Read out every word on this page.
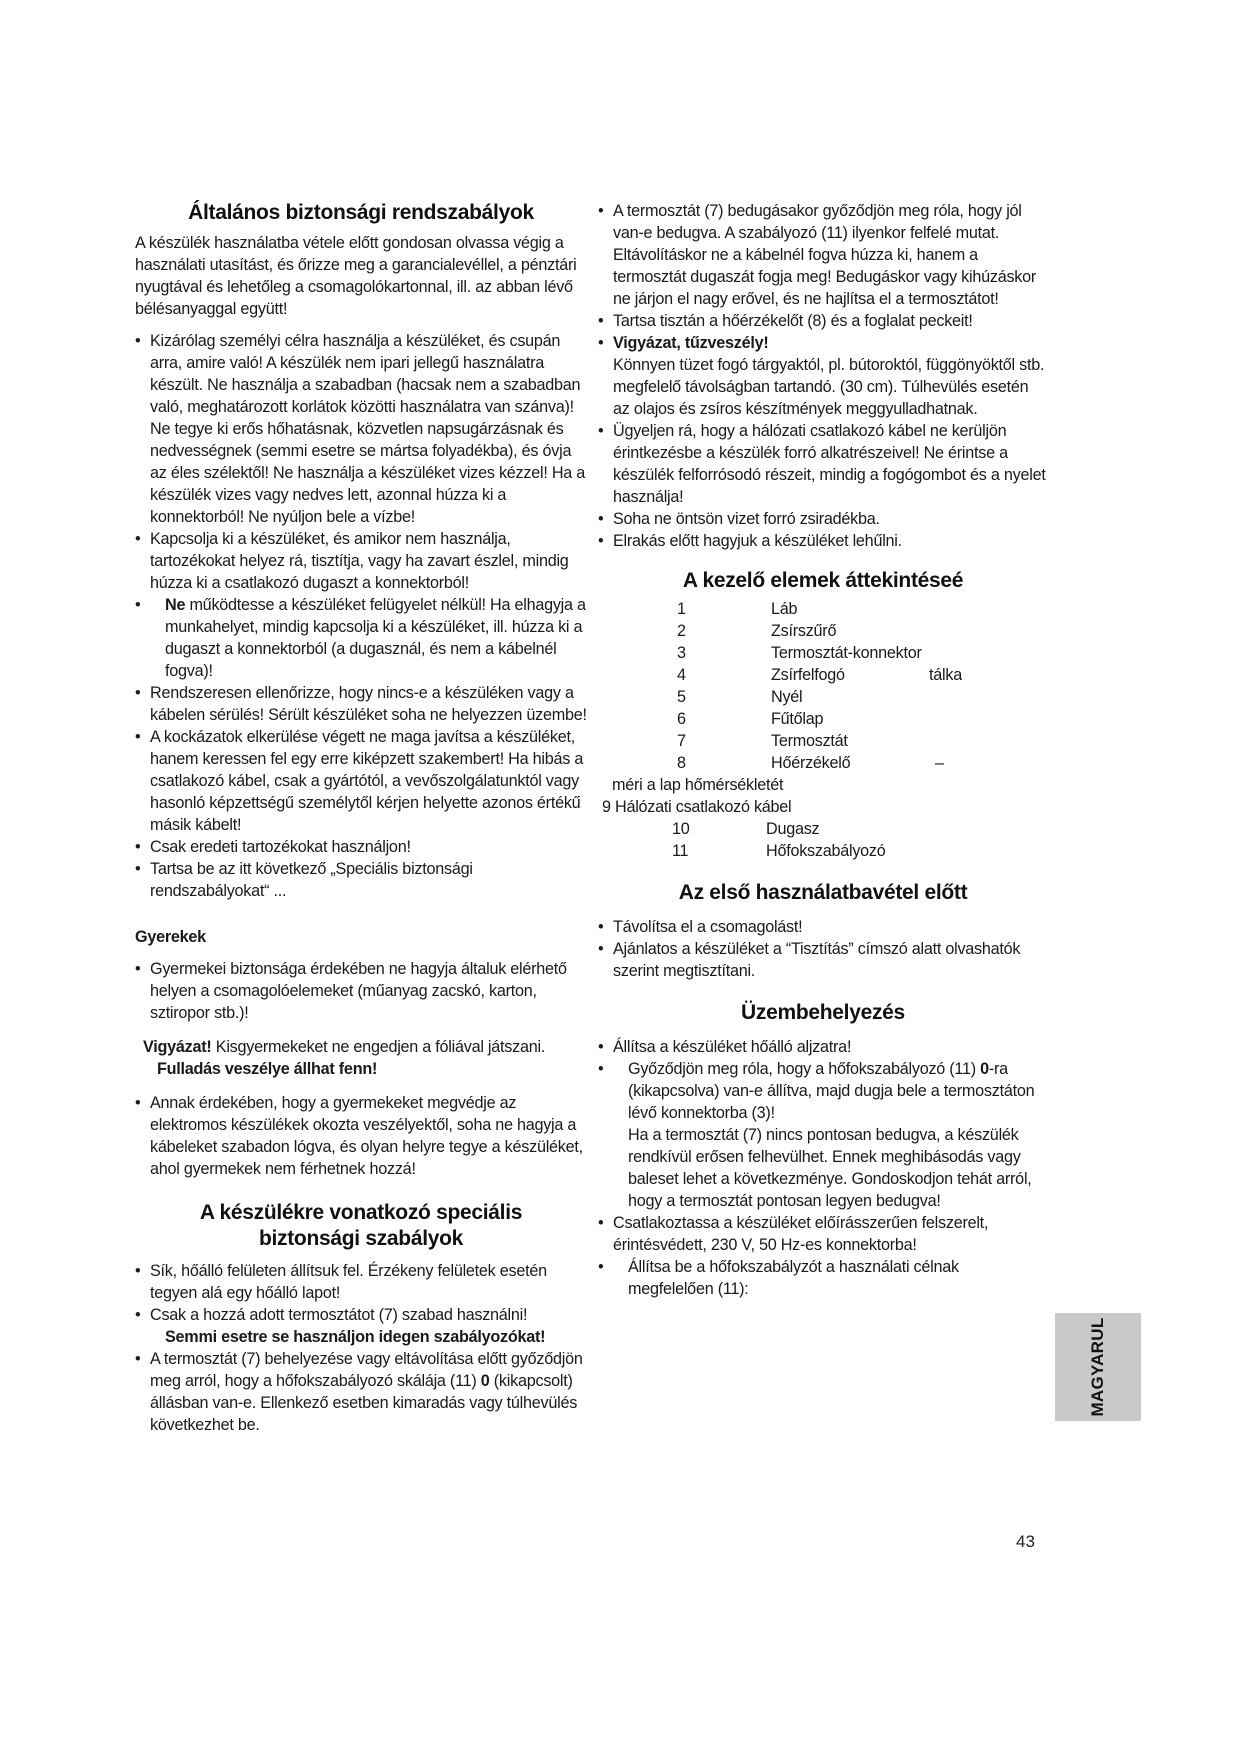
Általános biztonsági rendszabályok

A készülék használatba vétele előtt gondosan olvassa végig a használati utasítást, és őrizze meg a garancialevéllel, a pénztári nyugtával és lehetőleg a csomagolókartonnal, ill. az abban lévő bélésanyaggal együtt!

• Kizárólag személyi célra használja a készüléket, és csupán arra, amire való! A készülék nem ipari jellegű használatra készült. Ne használja a szabadban (hacsak nem a szabadban való, meghatározott korlátok közötti használatra van szánva)! Ne tegye ki erős hőhatásnak, közvetlen napsugárzásnak és nedvességnek (semmi esetre se mártsa folyadékba), és óvja az éles szélektől! Ne használja a készüléket vizes kézzel! Ha a készülék vizes vagy nedves lett, azonnal húzza ki a konnektorból! Ne nyúljon bele a vízbe!
• Kapcsolja ki a készüléket, és amikor nem használja, tartozékokat helyez rá, tisztítja, vagy ha zavart észlel, mindig húzza ki a csatlakozó dugaszt a konnektorból!
• Ne működtesse a készüléket felügyelet nélkül! Ha elhagyja a munkahelyet, mindig kapcsolja ki a készüléket, ill. húzza ki a dugaszt a konnektorból (a dugasznál, és nem a kábelnél fogva)!
• Rendszeresen ellenőrizze, hogy nincs-e a készüléken vagy a kábelen sérülés! Sérült készüléket soha ne helyezzen üzembe!
• A kockázatok elkerülése végett ne maga javítsa a készüléket, hanem keressen fel egy erre kiképzett szakembert! Ha hibás a csatlakozó kábel, csak a gyártótól, a vevőszolgálatunktól vagy hasonló képzettségű személytől kérjen helyette azonos értékű másik kábelt!
• Csak eredeti tartozékokat használjon!
• Tartsa be az itt következő „Speciális biztonsági rendszabályokat“ ...
Gyerekek
• Gyermekei biztonsága érdekében ne hagyja általuk elérhető helyen a csomagolóelemeket (műanyag zacskó, karton, sztiropor stb.)!

Vigyázat! Kisgyermekeket ne engedjen a fóliával játszani.

Fulladás veszélye állhat fenn!

• Annak érdekében, hogy a gyermekeket megvédje az elektromos készülékek okozta veszélyektől, soha ne hagyja a kábeleket szabadon lógva, és olyan helyre tegye a készüléket, ahol gyermekek nem férhetnek hozzá!
A készülékre vonatkozó speciális
biztonsági szabályok
• Sík, hőálló felületen állítsuk fel. Érzékeny felületek esetén tegyen alá egy hőálló lapot!
• Csak a hozzá adott termosztátot (7) szabad használni!
Semmi esetre se használjon idegen szabályozókat!
• A termosztát (7) behelyezése vagy eltávolítása előtt győződjön meg arról, hogy a hőfokszabályozó skálája (11) 0 (kikapcsolt) állásban van-e. Ellenkező esetben kimaradás vagy túlhevülés következhet be.
• A termosztát (7) bedugásakor győződjön meg róla, hogy jól van-e bedugva. A szabályozó (11) ilyenkor felfelé mutat. Eltávolításkor ne a kábelnél fogva húzza ki, hanem a termosztát dugaszát fogja meg! Bedugáskor vagy kihúzáskor ne járjon el nagy erővel, és ne hajlítsa el a termosztátot!
• Tartsa tisztán a hőérzékelőt (8) és a foglalat peckeit!
• Vigyázat, tűzveszély!
Könnyen tüzet fogó tárgyaktól, pl. bútoroktól, függönyöktől stb. megfelelő távolságban tartandó. (30 cm). Túlhevülés esetén az olajos és zsíros készítmények meggyulladhatnak.
• Ügyeljen rá, hogy a hálózati csatlakozó kábel ne kerüljön érintkezésbe a készülék forró alkatrészeivel! Ne érintse a készülék felforrósodó részeit, mindig a fogógombot és a nyelet használja!
• Soha ne öntsön vizet forró zsiradékba.
• Elrakás előtt hagyjuk a készüléket lehűlni.
A kezelő elemek áttekintéseé
1	Láb
2	Zsírszűrő
3	Termosztát-konnektor
4	Zsírfelfogó	tálka
5	Nyél
6	Fűtőlap
7	Termosztát
8	Hőérzékelő	–
méri a lap hőmérsékletét
9 Hálózati csatlakozó kábel
10	Dugasz
11	Hőfokszabályozó
Az első használatbavétel előtt
• Távolítsa el a csomagolást!
• Ajánlatos a készüléket a “Tisztítás” címszó alatt olvashatók szerint megtisztítani.
Üzembehelyezés
• Állítsa a készüléket hőálló aljzatra!
• Győződjön meg róla, hogy a hőfokszabályozó (11) 0-ra (kikapcsolva) van-e állítva, majd dugja bele a termosztáton lévő konnektorba (3)!
Ha a termosztát (7) nincs pontosan bedugva, a készülék rendkívül erősen felhevülhet. Ennek meghibásodás vagy baleset lehet a következménye. Gondoskodjon tehát arról, hogy a termosztát pontosan legyen bedugva!
• Csatlakoztassa a készüléket előírásszerűen felszerelt, érintésvédett, 230 V, 50 Hz-es konnektorba!
• Állítsa be a hőfokszabályzót a használati célnak megfelelően (11):
MAGYARUL
43
